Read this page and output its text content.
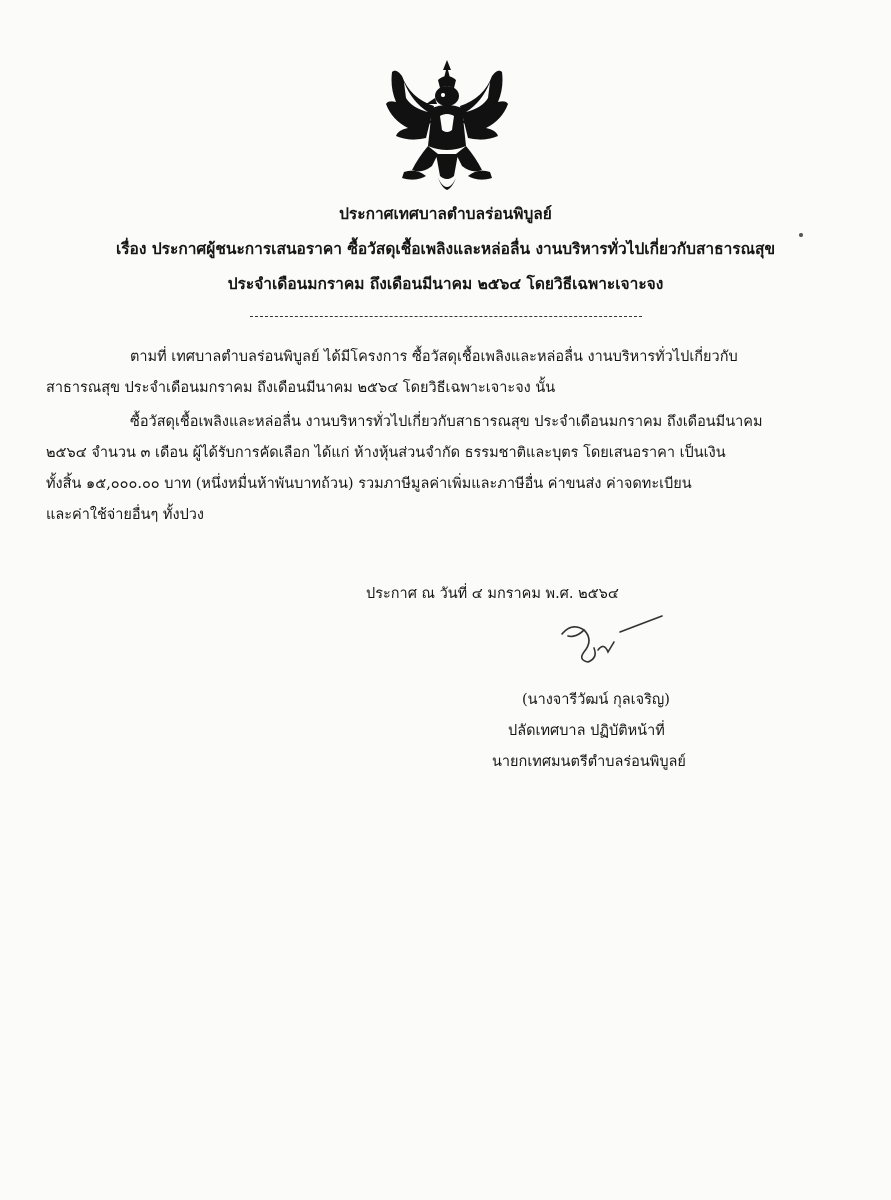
ประกาศเทศบาลตำบลร่อนพิบูลย์
เรื่อง ประกาศผู้ชนะการเสนอราคา ซื้อวัสดุเชื้อเพลิงและหล่อลื่น งานบริหารทั่วไปเกี่ยวกับสาธารณสุข
ประจำเดือนมกราคม ถึงเดือนมีนาคม ๒๕๖๔ โดยวิธีเฉพาะเจาะจง
ตามที่ เทศบาลตำบลร่อนพิบูลย์ ได้มีโครงการ ซื้อวัสดุเชื้อเพลิงและหล่อลื่น งานบริหารทั่วไปเกี่ยวกับ
สาธารณสุข ประจำเดือนมกราคม ถึงเดือนมีนาคม ๒๕๖๔ โดยวิธีเฉพาะเจาะจง นั้น
ซื้อวัสดุเชื้อเพลิงและหล่อลื่น งานบริหารทั่วไปเกี่ยวกับสาธารณสุข ประจำเดือนมกราคม ถึงเดือนมีนาคม
๒๕๖๔ จำนวน ๓ เดือน ผู้ได้รับการคัดเลือก ได้แก่ ห้างหุ้นส่วนจำกัด ธรรมชาติและบุตร โดยเสนอราคา เป็นเงิน
ทั้งสิ้น ๑๕,๐๐๐.๐๐ บาท (หนึ่งหมื่นห้าพันบาทถ้วน) รวมภาษีมูลค่าเพิ่มและภาษีอื่น ค่าขนส่ง ค่าจดทะเบียน
และค่าใช้จ่ายอื่นๆ ทั้งปวง
ประกาศ ณ วันที่ ๔ มกราคม พ.ศ. ๒๕๖๔
(นางจารีวัฒน์ กุลเจริญ)
ปลัดเทศบาล ปฏิบัติหน้าที่
นายกเทศมนตรีตำบลร่อนพิบูลย์
